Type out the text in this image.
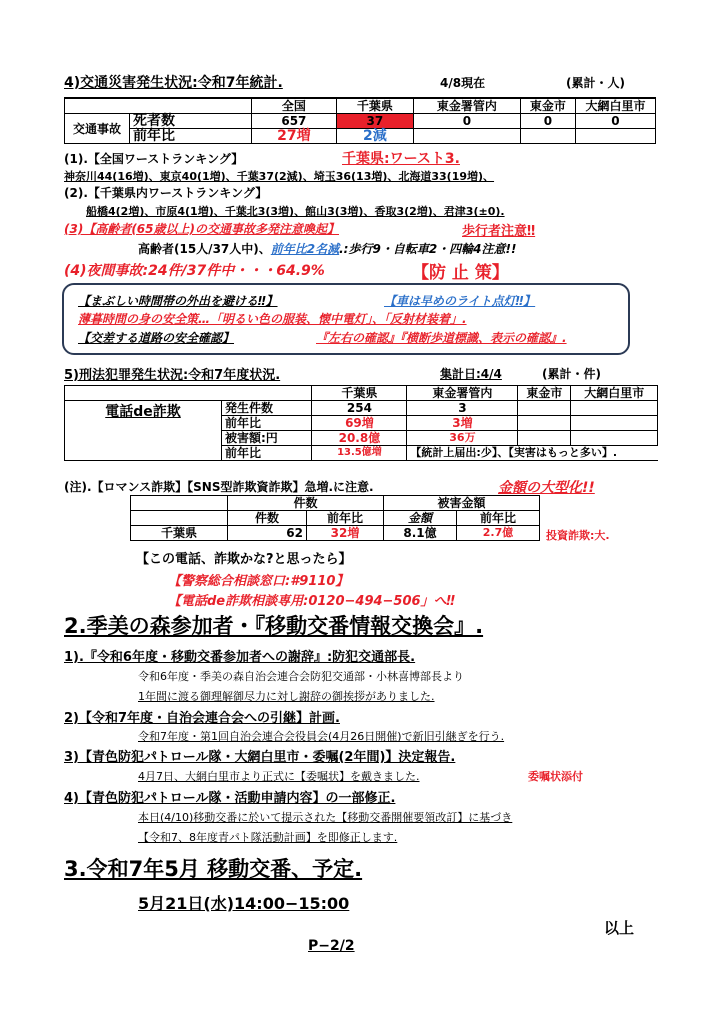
4)交通災害発生状況:令和7年統計.	4/8現在	(累計・人)
		全国	千葉県	東金署管内	東金市	大網白里市
交通事故	死者数	657	37	0	0	0
	前年比	27増	2減			
(1).【全国ワーストランキング】	千葉県:ワースト3.
神奈川44(16増)、東京40(1増)、千葉37(2減)、埼玉36(13増)、北海道33(19増)、
(2).【千葉県内ワーストランキング】
船橋4(2増)、市原4(1増)、千葉北3(3増)、館山3(3増)、香取3(2増)、君津3(±0).
(3)【高齢者(65歳以上)の交通事故多発注意喚起】	歩行者注意‼
高齢者(15人/37人中)、前年比2名減.:歩行9・自転車2・四輪4注意!!
(4)夜間事故:24件/37件中・・・64.9%	【防 止 策】
【まぶしい時間帯の外出を避ける‼】	【車は早めのライト点灯‼】
薄暮時間の身の安全策…「明るい色の服装、懐中電灯」、「反射材装着」.
【交差する道路の安全確認】	『左右の確認』『横断歩道標識、表示の確認』.
5)刑法犯罪発生状況:令和7年度状況.	集計日:4/4	(累計・件)
		千葉県	東金署管内	東金市	大網白里市
電話de詐欺	発生件数	254	3		
	前年比	69増	3増		
	被害額:円	20.8億	36万		
	前年比	13.5億増	【統計上届出:少】、【実害はもっと多い】.		
(注).【ロマンス詐欺】【SNS型詐欺資詐欺】急増.に注意.	金額の大型化!!
	件数		被害金額	
	件数	前年比	金額	前年比
千葉県	62	32増	8.1億	2.7億	投資詐欺:大.
【この電話、詐欺かな?と思ったら】
【警察総合相談窓口:#9110】
【電話de詐欺相談専用:0120−494−506」へ‼
2.季美の森参加者・『移動交番情報交換会』.
1).『令和6年度・移動交番参加者への謝辞』:防犯交通部長.
令和6年度・季美の森自治会連合会防犯交通部・小林喜博部長より
1年間に渡る御理解御尽力に対し謝辞の御挨拶がありました.
2)【令和7年度・自治会連合会への引継】計画.
令和7年度・第1回自治会連合会役員会(4月26日開催)で新旧引継ぎを行う.
3)【青色防犯パトロール隊・大網白里市・委嘱(2年間)】決定報告.
4月7日、大網白里市より正式に【委嘱状】を戴きました.	委嘱状添付
4)【青色防犯パトロール隊・活動申請内容】の一部修正.
本日(4/10)移動交番に於いて提示された【移動交番開催要領改訂】に基づき
【令和7、8年度青パト隊活動計画】を即修正します.
3.令和7年5月 移動交番、予定.
5月21日(水)14:00−15:00
以上
P−2/2
